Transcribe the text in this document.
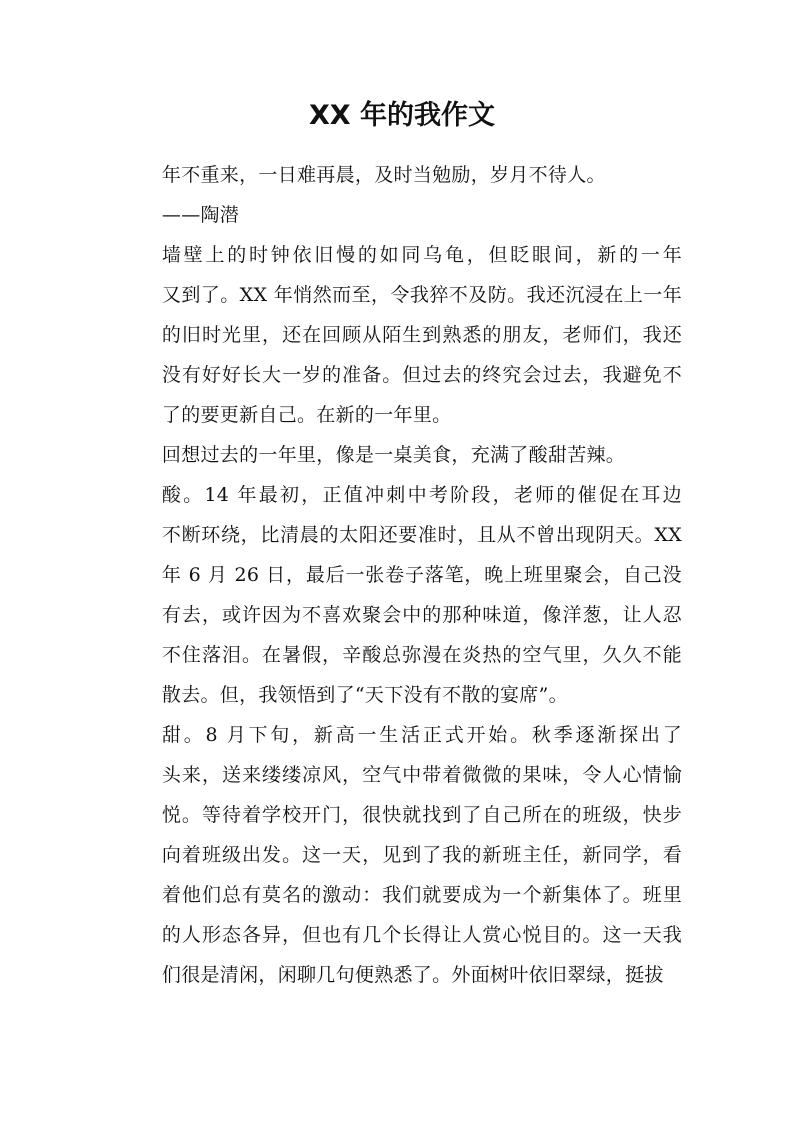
XX 年的我作文

年不重来，一日难再晨，及时当勉励，岁月不待人。

——陶潜

墙壁上的时钟依旧慢的如同乌龟，但眨眼间，新的一年
又到了。XX 年悄然而至，令我猝不及防。我还沉浸在上一年
的旧时光里，还在回顾从陌生到熟悉的朋友，老师们，我还
没有好好长大一岁的准备。但过去的终究会过去，我避免不
了的要更新自己。在新的一年里。

回想过去的一年里，像是一桌美食，充满了酸甜苦辣。

酸。14 年最初，正值冲刺中考阶段，老师的催促在耳边
不断环绕，比清晨的太阳还要准时，且从不曾出现阴天。XX
年 6 月 26 日，最后一张卷子落笔，晚上班里聚会，自己没
有去，或许因为不喜欢聚会中的那种味道，像洋葱，让人忍
不住落泪。在暑假，辛酸总弥漫在炎热的空气里，久久不能
散去。但，我领悟到了“天下没有不散的宴席”。

甜。8 月下旬，新高一生活正式开始。秋季逐渐探出了
头来，送来缕缕凉风，空气中带着微微的果味，令人心情愉
悦。等待着学校开门，很快就找到了自己所在的班级，快步
向着班级出发。这一天，见到了我的新班主任，新同学，看
着他们总有莫名的激动：我们就要成为一个新集体了。班里
的人形态各异，但也有几个长得让人赏心悦目的。这一天我
们很是清闲，闲聊几句便熟悉了。外面树叶依旧翠绿，挺拔
